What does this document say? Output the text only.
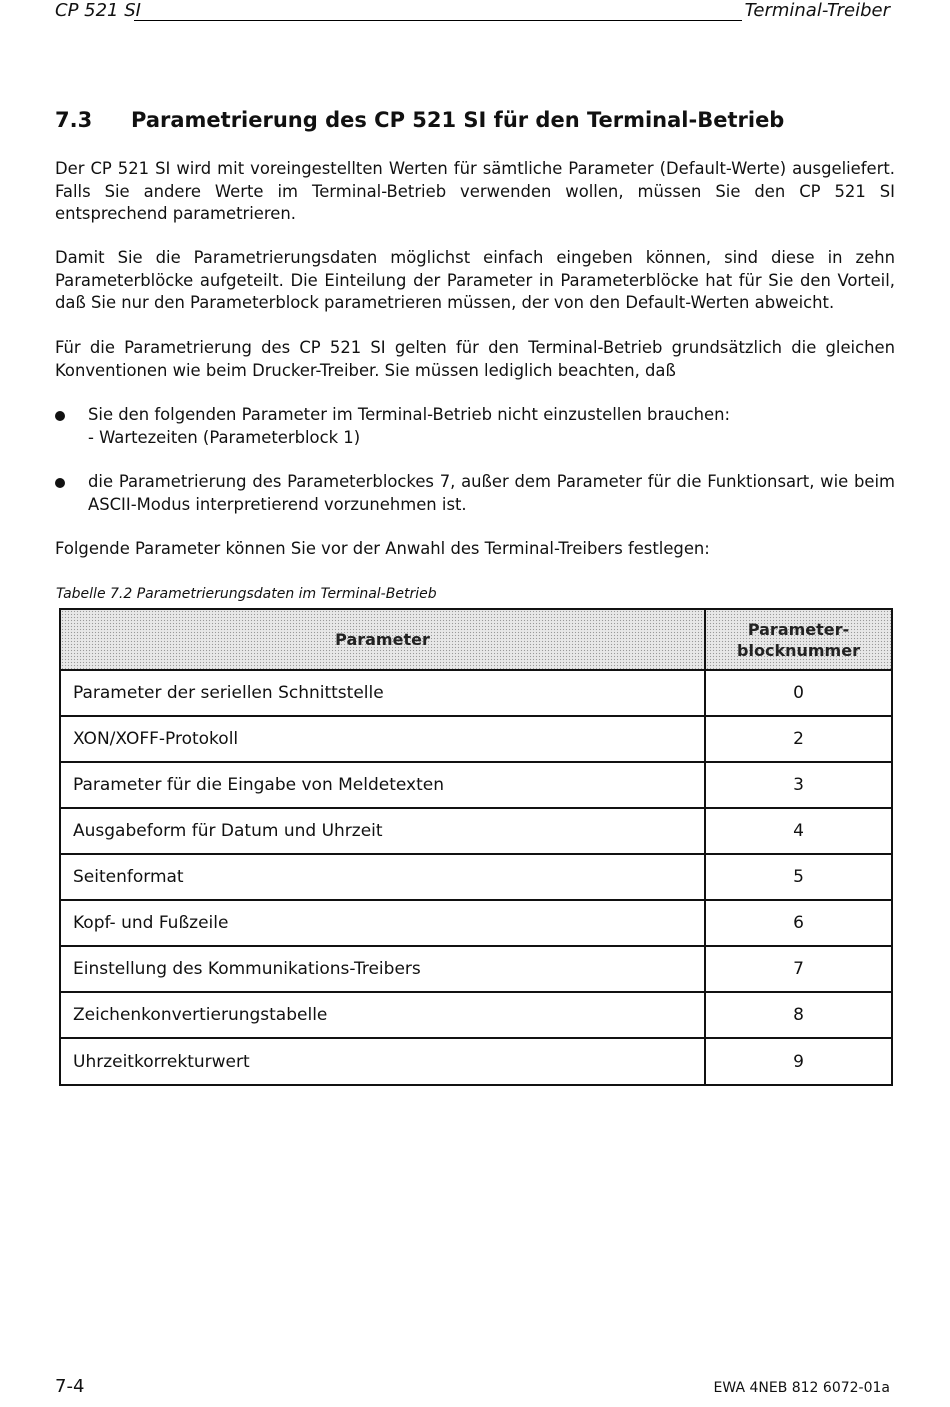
CP 521 SI	Terminal-Treiber
7.3	Parametrierung des CP 521 SI für den Terminal-Betrieb

Der CP 521 SI wird mit voreingestellten Werten für sämtliche Parameter (Default-Werte) ausgeliefert. Falls Sie andere Werte im Terminal-Betrieb verwenden wollen, müssen Sie den CP 521 SI entsprechend parametrieren.

Damit Sie die Parametrierungsdaten möglichst einfach eingeben können, sind diese in zehn Parameterblöcke aufgeteilt. Die Einteilung der Parameter in Parameterblöcke hat für Sie den Vorteil, daß Sie nur den Parameterblock parametrieren müssen, der von den Default-Werten abweicht.

Für die Parametrierung des CP 521 SI gelten für den Terminal-Betrieb grundsätzlich die gleichen Konventionen wie beim Drucker-Treiber. Sie müssen lediglich beachten, daß

Sie den folgenden Parameter im Terminal-Betrieb nicht einzustellen brauchen:
- Wartezeiten (Parameterblock 1)
die Parametrierung des Parameterblockes 7, außer dem Parameter für die Funktionsart, wie beim ASCII-Modus interpretierend vorzunehmen ist.

Folgende Parameter können Sie vor der Anwahl des Terminal-Treibers festlegen:

Tabelle 7.2 Parametrierungsdaten im Terminal-Betrieb
Parameter	Parameter-
blocknummer
Parameter der seriellen Schnittstelle	0
XON/XOFF-Protokoll	2
Parameter für die Eingabe von Meldetexten	3
Ausgabeform für Datum und Uhrzeit	4
Seitenformat	5
Kopf- und Fußzeile	6
Einstellung des Kommunikations-Treibers	7
Zeichenkonvertierungstabelle	8
Uhrzeitkorrekturwert	9
7-4	EWA 4NEB 812 6072-01a
